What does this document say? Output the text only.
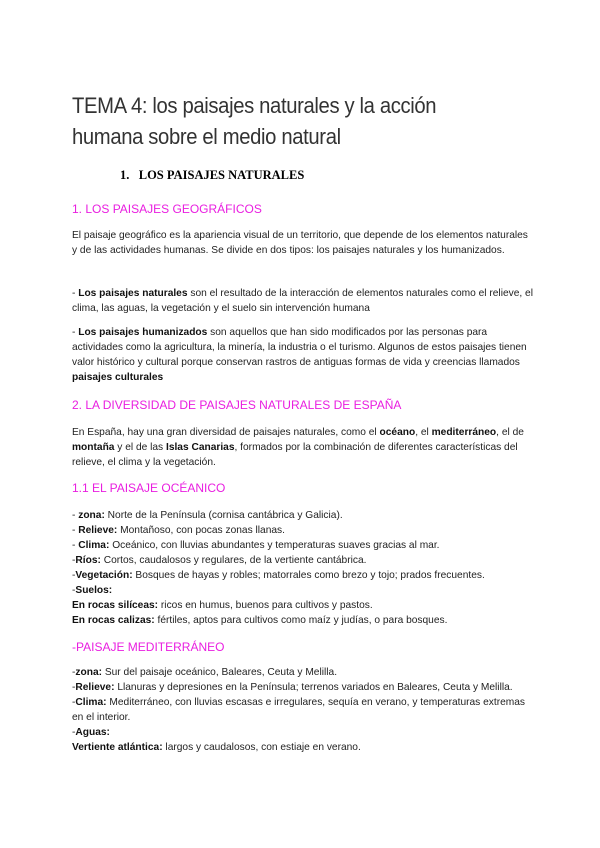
TEMA 4: los paisajes naturales y la acción humana sobre el medio natural
1. LOS PAISAJES NATURALES
1. LOS PAISAJES GEOGRÁFICOS
El paisaje geográfico es la apariencia visual de un territorio, que depende de los elementos naturales y de las actividades humanas. Se divide en dos tipos: los paisajes naturales y los humanizados.
- Los paisajes naturales son el resultado de la interacción de elementos naturales como el relieve, el clima, las aguas, la vegetación y el suelo sin intervención humana
- Los paisajes humanizados son aquellos que han sido modificados por las personas para actividades como la agricultura, la minería, la industria o el turismo. Algunos de estos paisajes tienen valor histórico y cultural porque conservan rastros de antiguas formas de vida y creencias llamados paisajes culturales
2. LA DIVERSIDAD DE PAISAJES NATURALES DE ESPAÑA
En España, hay una gran diversidad de paisajes naturales, como el océano, el mediterráneo, el de montaña y el de las Islas Canarias, formados por la combinación de diferentes características del relieve, el clima y la vegetación.
1.1 EL PAISAJE OCÉANICO
- zona: Norte de la Península (cornisa cantábrica y Galicia).
- Relieve: Montañoso, con pocas zonas llanas.
- Clima: Oceánico, con lluvias abundantes y temperaturas suaves gracias al mar.
-Ríos: Cortos, caudalosos y regulares, de la vertiente cantábrica.
-Vegetación: Bosques de hayas y robles; matorrales como brezo y tojo; prados frecuentes.
-Suelos:
En rocas silíceas: ricos en humus, buenos para cultivos y pastos.
En rocas calizas: fértiles, aptos para cultivos como maíz y judías, o para bosques.
-PAISAJE MEDITERRÁNEO
-zona: Sur del paisaje oceánico, Baleares, Ceuta y Melilla.
-Relieve: Llanuras y depresiones en la Península; terrenos variados en Baleares, Ceuta y Melilla.
-Clima: Mediterráneo, con lluvias escasas e irregulares, sequía en verano, y temperaturas extremas en el interior.
-Aguas:
Vertiente atlántica: largos y caudalosos, con estiaje en verano.
